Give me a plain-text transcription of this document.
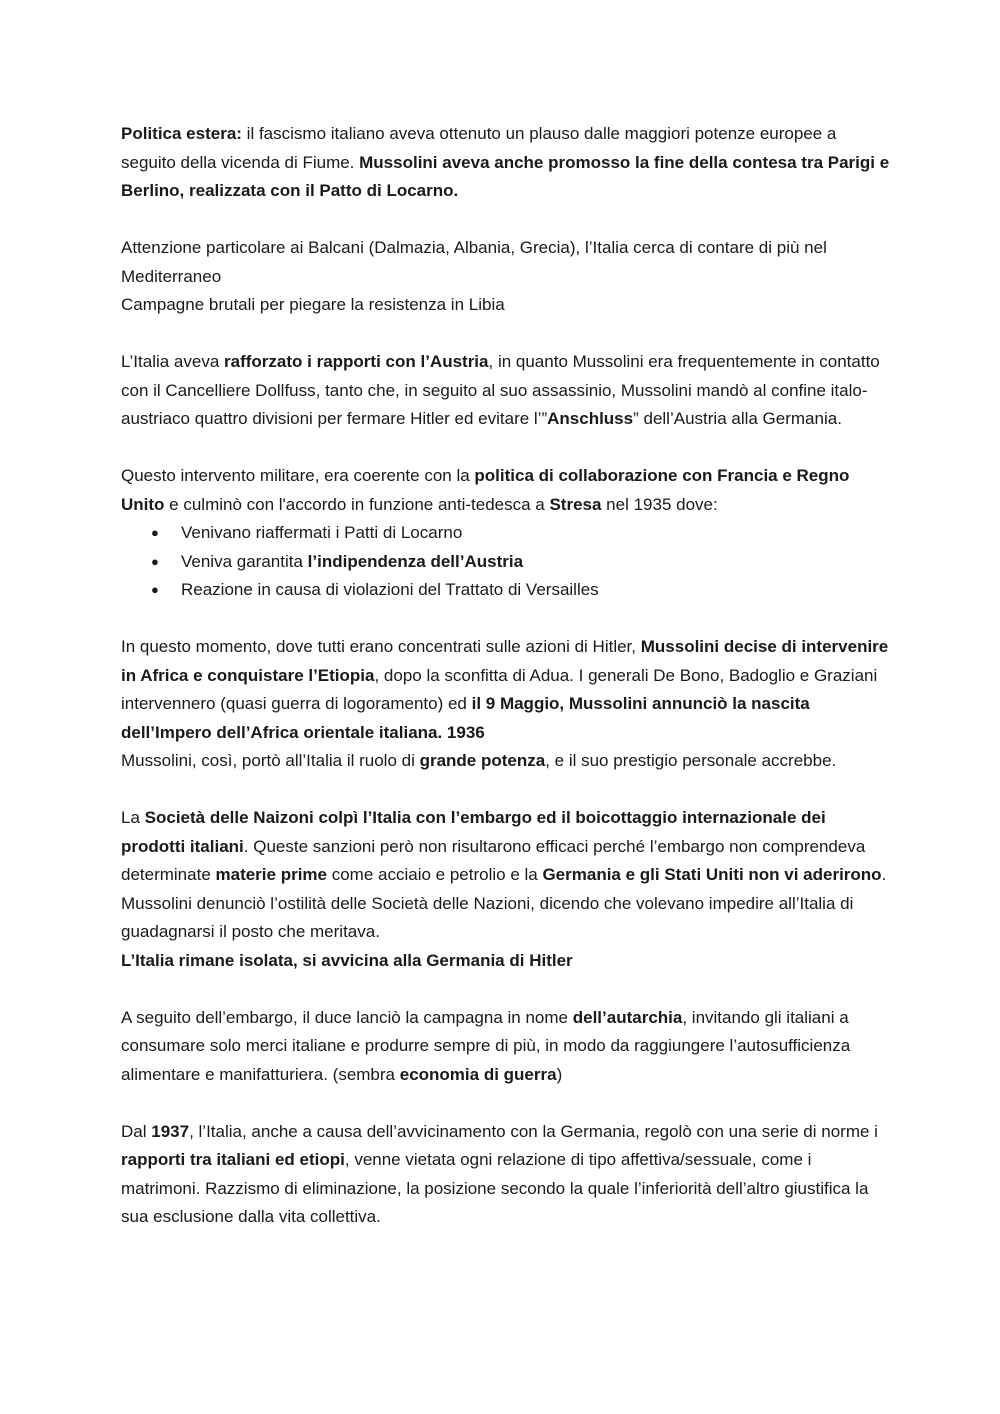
Politica estera: il fascismo italiano aveva ottenuto un plauso dalle maggiori potenze europee a seguito della vicenda di Fiume. Mussolini aveva anche promosso la fine della contesa tra Parigi e Berlino, realizzata con il Patto di Locarno.

Attenzione particolare ai Balcani (Dalmazia, Albania, Grecia), l’Italia cerca di contare di più nel Mediterraneo
Campagne brutali per piegare la resistenza in Libia

L’Italia aveva rafforzato i rapporti con l’Austria, in quanto Mussolini era frequentemente in contatto con il Cancelliere Dollfuss, tanto che, in seguito al suo assassinio, Mussolini mandò al confine italo-austriaco quattro divisioni per fermare Hitler ed evitare l’”Anschluss” dell’Austria alla Germania.

Questo intervento militare, era coerente con la politica di collaborazione con Francia e Regno Unito e culminò con l'accordo in funzione anti-tedesca a Stresa nel 1935 dove:

● Venivano riaffermati i Patti di Locarno
● Veniva garantita l’indipendenza dell’Austria
● Reazione in causa di violazioni del Trattato di Versailles

In questo momento, dove tutti erano concentrati sulle azioni di Hitler, Mussolini decise di intervenire in Africa e conquistare l’Etiopia, dopo la sconfitta di Adua. I generali De Bono, Badoglio e Graziani intervennero (quasi guerra di logoramento) ed il 9 Maggio, Mussolini annunciò la nascita dell’Impero dell’Africa orientale italiana. 1936
Mussolini, così, portò all’Italia il ruolo di grande potenza, e il suo prestigio personale accrebbe.

La Società delle Naizoni colpì l’Italia con l’embargo ed il boicottaggio internazionale dei prodotti italiani. Queste sanzioni però non risultarono efficaci perché l’embargo non comprendeva determinate materie prime come acciaio e petrolio e la Germania e gli Stati Uniti non vi aderirono. Mussolini denunciò l’ostilità delle Società delle Nazioni, dicendo che volevano impedire all’Italia di guadagnarsi il posto che meritava.
L’Italia rimane isolata, si avvicina alla Germania di Hitler

A seguito dell’embargo, il duce lanciò la campagna in nome dell’autarchia, invitando gli italiani a consumare solo merci italiane e produrre sempre di più, in modo da raggiungere l’autosufficienza alimentare e manifatturiera. (sembra economia di guerra)

Dal 1937, l’Italia, anche a causa dell’avvicinamento con la Germania, regolò con una serie di norme i rapporti tra italiani ed etiopi, venne vietata ogni relazione di tipo affettiva/sessuale, come i matrimoni. Razzismo di eliminazione, la posizione secondo la quale l’inferiorità dell’altro giustifica la sua esclusione dalla vita collettiva.
